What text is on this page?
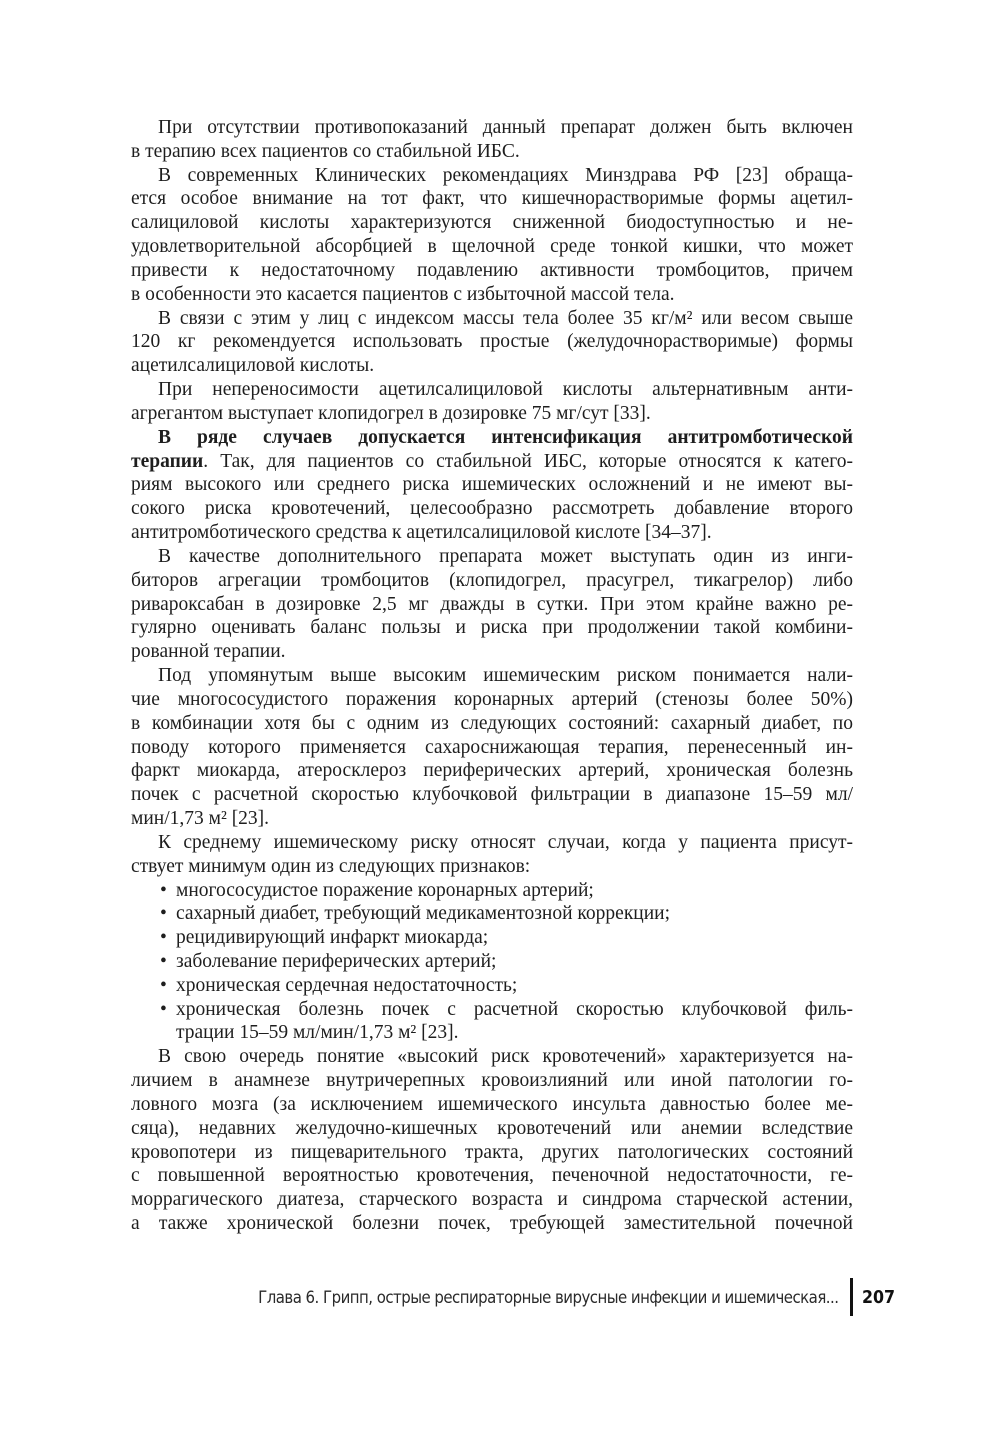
При отсутствии противопоказаний данный препарат должен быть включен
в терапию всех пациентов со стабильной ИБС.
В современных Клинических рекомендациях Минздрава РФ [23] обраща-
ется особое внимание на тот факт, что кишечнорастворимые формы ацетил-
салициловой кислоты характеризуются сниженной биодоступностью и не-
удовлетворительной абсорбцией в щелочной среде тонкой кишки, что может
привести к недостаточному подавлению активности тромбоцитов, причем
в особенности это касается пациентов с избыточной массой тела.
В связи с этим у лиц с индексом массы тела более 35 кг/м² или весом свыше
120 кг рекомендуется использовать простые (желудочнорастворимые) формы
ацетилсалициловой кислоты.
При непереносимости ацетилсалициловой кислоты альтернативным анти-
агрегантом выступает клопидогрел в дозировке 75 мг/сут [33].
В ряде случаев допускается интенсификация антитромботической
терапии. Так, для пациентов со стабильной ИБС, которые относятся к катего-
риям высокого или среднего риска ишемических осложнений и не имеют вы-
сокого риска кровотечений, целесообразно рассмотреть добавление второго
антитромботического средства к ацетилсалициловой кислоте [34–37].
В качестве дополнительного препарата может выступать один из инги-
биторов агрегации тромбоцитов (клопидогрел, прасугрел, тикагрелор) либо
ривароксабан в дозировке 2,5 мг дважды в сутки. При этом крайне важно ре-
гулярно оценивать баланс пользы и риска при продолжении такой комбини-
рованной терапии.
Под упомянутым выше высоким ишемическим риском понимается нали-
чие многососудистого поражения коронарных артерий (стенозы более 50%)
в комбинации хотя бы с одним из следующих состояний: сахарный диабет, по
поводу которого применяется сахароснижающая терапия, перенесенный ин-
фаркт миокарда, атеросклероз периферических артерий, хроническая болезнь
почек с расчетной скоростью клубочковой фильтрации в диапазоне 15–59 мл/
мин/1,73 м² [23].
К среднему ишемическому риску относят случаи, когда у пациента присут-
ствует минимум один из следующих признаков:
• многососудистое поражение коронарных артерий;
• сахарный диабет, требующий медикаментозной коррекции;
• рецидивирующий инфаркт миокарда;
• заболевание периферических артерий;
• хроническая сердечная недостаточность;
• хроническая болезнь почек с расчетной скоростью клубочковой филь-
трации 15–59 мл/мин/1,73 м² [23].
В свою очередь понятие «высокий риск кровотечений» характеризуется на-
личием в анамнезе внутричерепных кровоизлияний или иной патологии го-
ловного мозга (за исключением ишемического инсульта давностью более ме-
сяца), недавних желудочно-кишечных кровотечений или анемии вследствие
кровопотери из пищеварительного тракта, других патологических состояний
с повышенной вероятностью кровотечения, печеночной недостаточности, ге-
моррагического диатеза, старческого возраста и синдрома старческой астении,
а также хронической болезни почек, требующей заместительной почечной
Глава 6. Грипп, острые респираторные вирусные инфекции и ишемическая... 207
